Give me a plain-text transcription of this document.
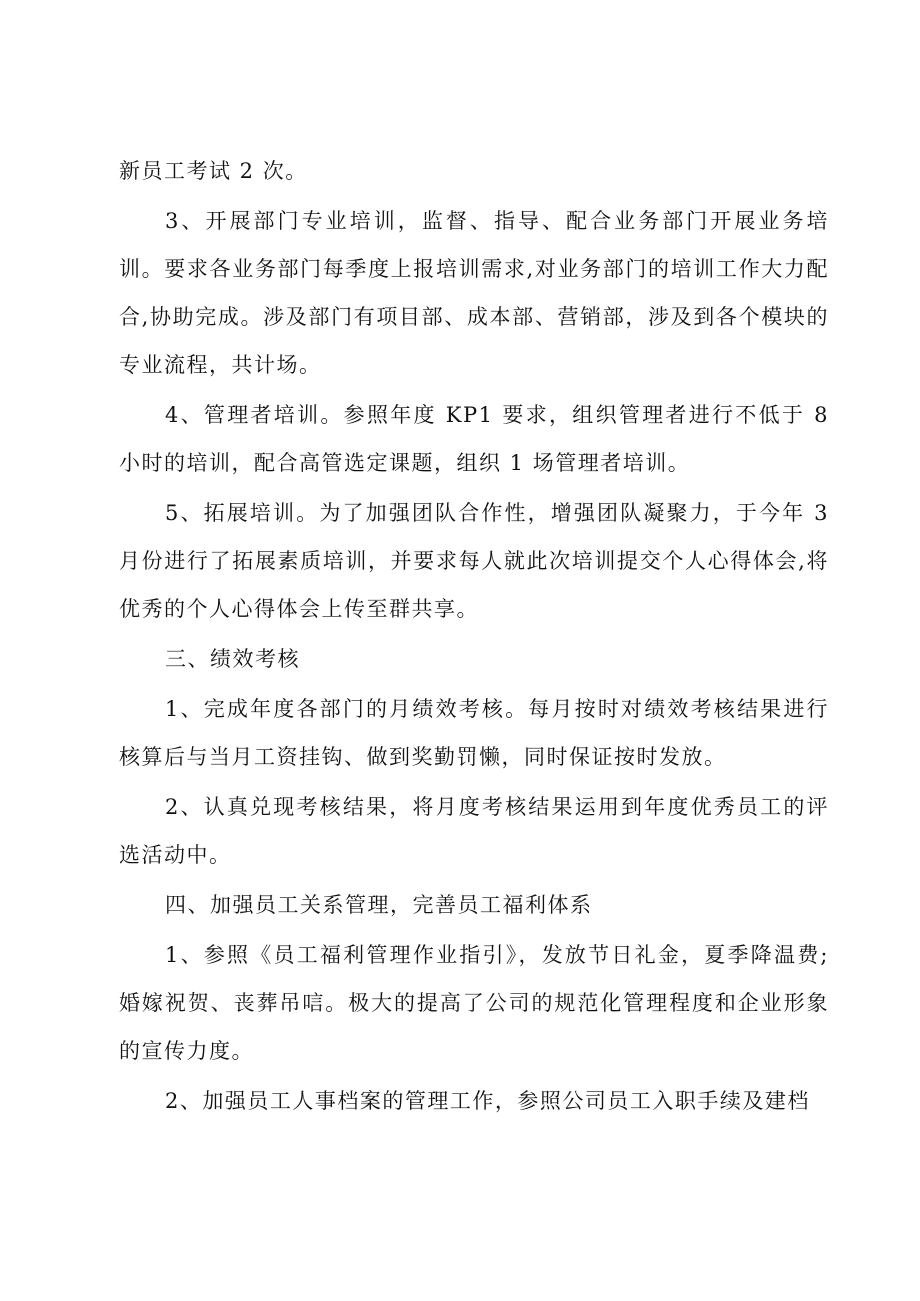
新员工考试 2 次。

3、开展部门专业培训，监督、指导、配合业务部门开展业务培训。要求各业务部门每季度上报培训需求,对业务部门的培训工作大力配合,协助完成。涉及部门有项目部、成本部、营销部，涉及到各个模块的专业流程，共计场。

4、管理者培训。参照年度 KP1 要求，组织管理者进行不低于 8 小时的培训，配合高管选定课题，组织 1 场管理者培训。

5、拓展培训。为了加强团队合作性，增强团队凝聚力，于今年 3 月份进行了拓展素质培训，并要求每人就此次培训提交个人心得体会,将优秀的个人心得体会上传至群共享。

三、绩效考核

1、完成年度各部门的月绩效考核。每月按时对绩效考核结果进行核算后与当月工资挂钩、做到奖勤罚懒，同时保证按时发放。

2、认真兑现考核结果，将月度考核结果运用到年度优秀员工的评选活动中。

四、加强员工关系管理，完善员工福利体系

1、参照《员工福利管理作业指引》，发放节日礼金，夏季降温费;婚嫁祝贺、丧葬吊唁。极大的提高了公司的规范化管理程度和企业形象的宣传力度。

2、加强员工人事档案的管理工作，参照公司员工入职手续及建档
